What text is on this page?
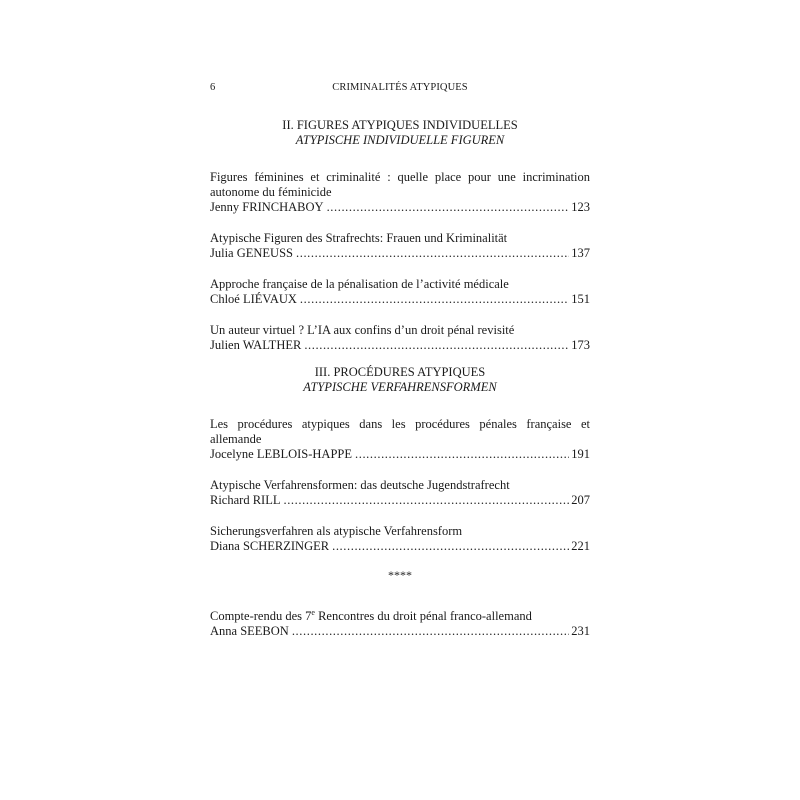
6	CRIMINALITÉS ATYPIQUES
II. FIGURES ATYPIQUES INDIVIDUELLES
ATYPISCHE INDIVIDUELLE FIGUREN
Figures féminines et criminalité : quelle place pour une incrimination autonome du féminicide
Jenny FRINCHABOY .....	123
Atypische Figuren des Strafrechts: Frauen und Kriminalität
Julia GENEUSS .....	137
Approche française de la pénalisation de l’activité médicale
Chloé LIÉVAUX .....	151
Un auteur virtuel ? L’IA aux confins d’un droit pénal revisité
Julien WALTHER .....	173
III. PROCÉDURES ATYPIQUES
ATYPISCHE VERFAHRENSFORMEN
Les procédures atypiques dans les procédures pénales française et allemande
Jocelyne LEBLOIS-HAPPE .....	191
Atypische Verfahrensformen: das deutsche Jugendstrafrecht
Richard RILL .....	207
Sicherungsverfahren als atypische Verfahrensform
Diana SCHERZINGER .....	221
****
Compte-rendu des 7e Rencontres du droit pénal franco-allemand
Anna SEEBON .....	231
